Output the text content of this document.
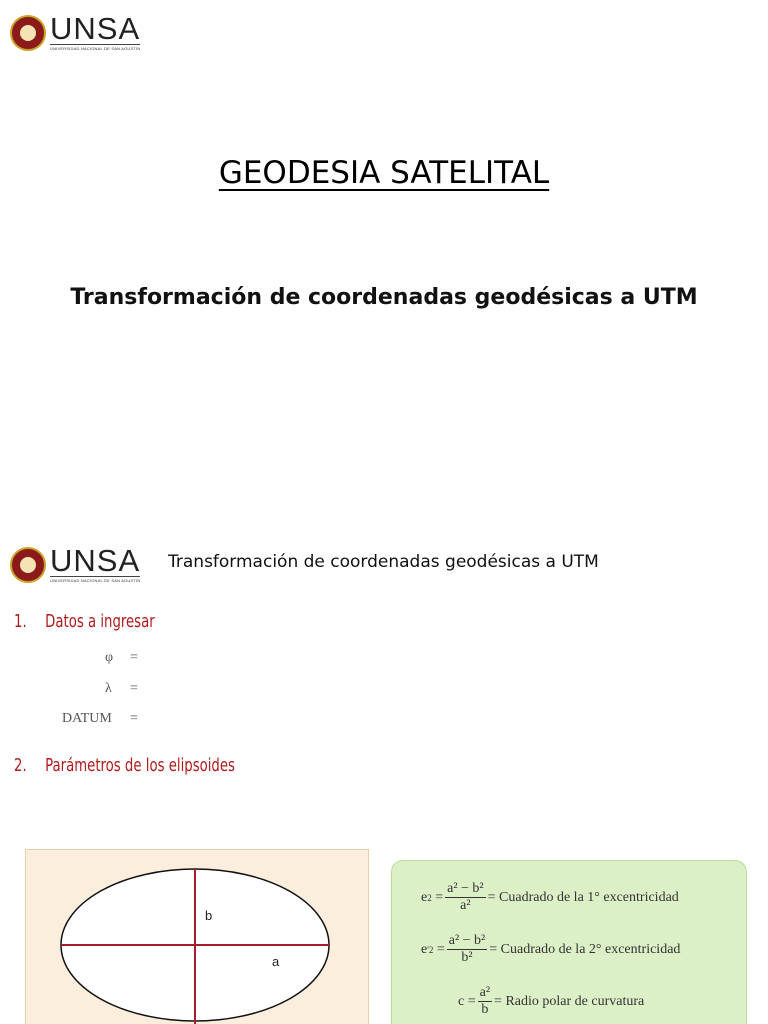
UNSA
UNIVERSIDAD NACIONAL DE SAN AGUSTÍN
GEODESIA SATELITAL
Transformación de coordenadas geodésicas a UTM
UNSA
UNIVERSIDAD NACIONAL DE SAN AGUSTÍN
Transformación de coordenadas geodésicas a UTM
1. Datos a ingresar
φ =
λ =
DATUM =
2. Parámetros de los elipsoides
b
a
e $2 = \frac{\text{a² − b²}}{\text{a²}}$ = Cuadrado de la 1° excentricidad
e '$2 = \frac{\text{a² − b²}}{\text{b²}}$ = Cuadrado de la 2° excentricidad
$c = \frac{\text{a²}}{b}$ = Radio polar de curvatura
